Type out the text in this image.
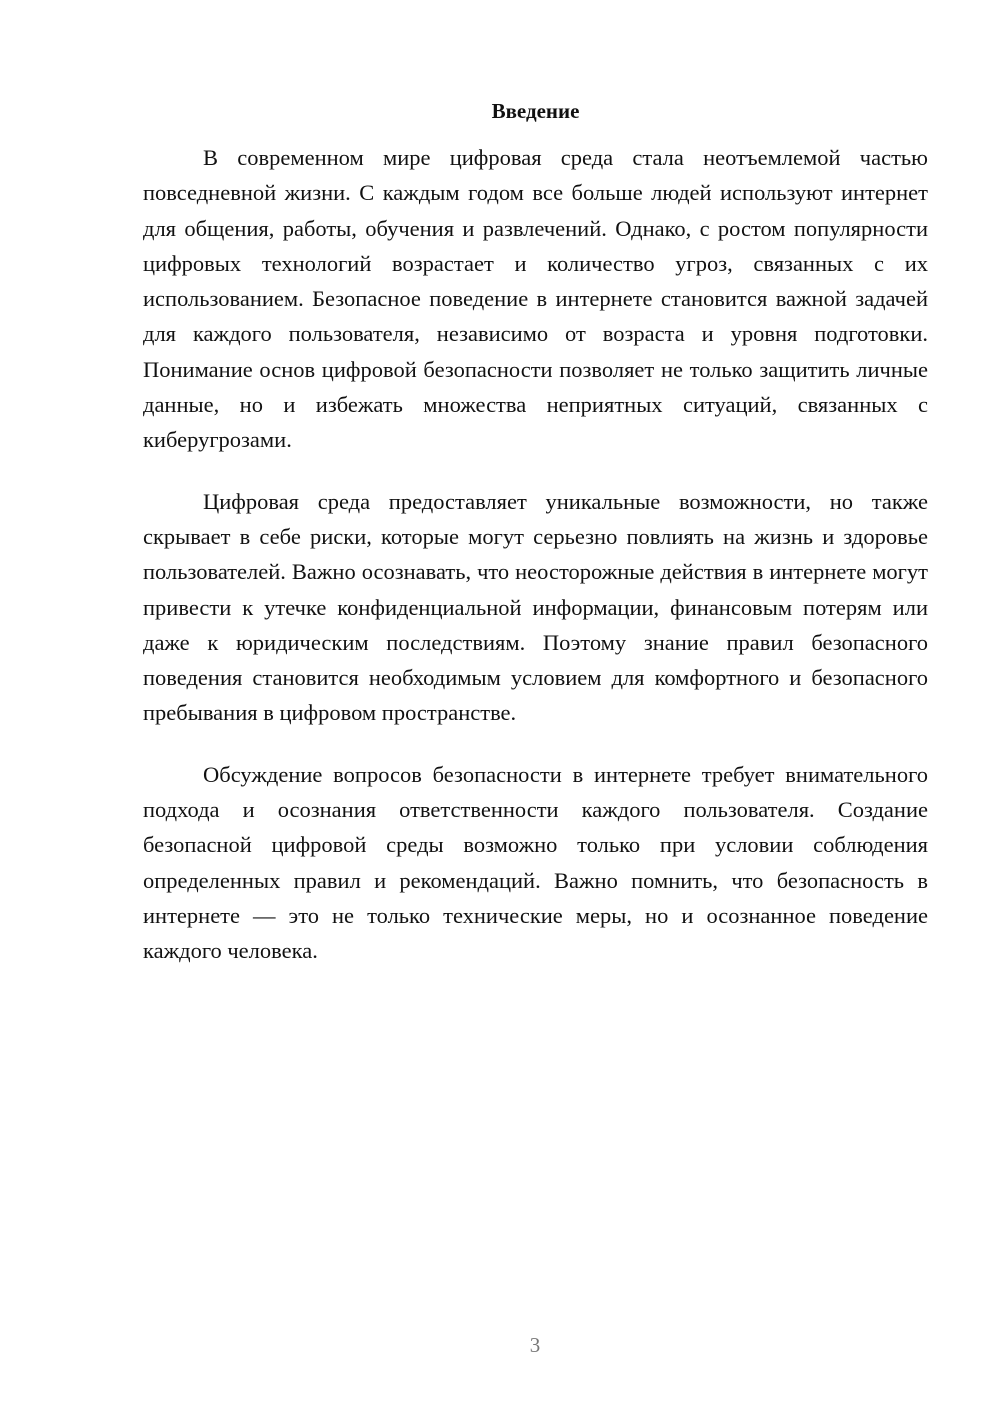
Введение

В современном мире цифровая среда стала неотъемлемой частью повседневной жизни. С каждым годом все больше людей используют интернет для общения, работы, обучения и развлечений. Однако, с ростом популярности цифровых технологий возрастает и количество угроз, связанных с их использованием. Безопасное поведение в интернете становится важной задачей для каждого пользователя, независимо от возраста и уровня подготовки. Понимание основ цифровой безопасности позволяет не только защитить личные данные, но и избежать множества неприятных ситуаций, связанных с киберугрозами.

Цифровая среда предоставляет уникальные возможности, но также скрывает в себе риски, которые могут серьезно повлиять на жизнь и здоровье пользователей. Важно осознавать, что неосторожные действия в интернете могут привести к утечке конфиденциальной информации, финансовым потерям или даже к юридическим последствиям. Поэтому знание правил безопасного поведения становится необходимым условием для комфортного и безопасного пребывания в цифровом пространстве.

Обсуждение вопросов безопасности в интернете требует внимательного подхода и осознания ответственности каждого пользователя. Создание безопасной цифровой среды возможно только при условии соблюдения определенных правил и рекомендаций. Важно помнить, что безопасность в интернете — это не только технические меры, но и осознанное поведение каждого человека.

3
